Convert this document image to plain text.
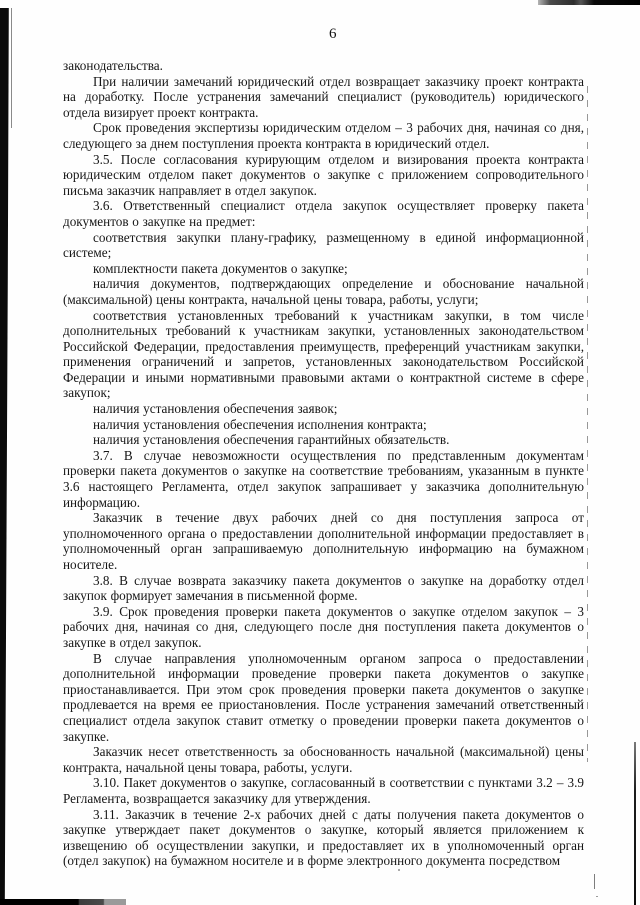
6

законодательства.

При наличии замечаний юридический отдел возвращает заказчику проект контракта на доработку. После устранения замечаний специалист (руководитель) юридического отдела визирует проект контракта.

Срок проведения экспертизы юридическим отделом – 3 рабочих дня, начиная со дня, следующего за днем поступления проекта контракта в юридический отдел.

3.5. После согласования курирующим отделом и визирования проекта контракта юридическим отделом пакет документов о закупке с приложением сопроводительного письма заказчик направляет в отдел закупок.

3.6. Ответственный специалист отдела закупок осуществляет проверку пакета документов о закупке на предмет:

соответствия закупки плану-графику, размещенному в единой информационной системе;

комплектности пакета документов о закупке;

наличия документов, подтверждающих определение и обоснование начальной (максимальной) цены контракта, начальной цены товара, работы, услуги;

соответствия установленных требований к участникам закупки, в том числе дополнительных требований к участникам закупки, установленных законодательством Российской Федерации, предоставления преимуществ, преференций участникам закупки, применения ограничений и запретов, установленных законодательством Российской Федерации и иными нормативными правовыми актами о контрактной системе в сфере закупок;

наличия установления обеспечения заявок;

наличия установления обеспечения исполнения контракта;

наличия установления обеспечения гарантийных обязательств.

3.7. В случае невозможности осуществления по представленным документам проверки пакета документов о закупке на соответствие требованиям, указанным в пункте 3.6 настоящего Регламента, отдел закупок запрашивает у заказчика дополнительную информацию.

Заказчик в течение двух рабочих дней со дня поступления запроса от уполномоченного органа о предоставлении дополнительной информации предоставляет в уполномоченный орган запрашиваемую дополнительную информацию на бумажном носителе.

3.8. В случае возврата заказчику пакета документов о закупке на доработку отдел закупок формирует замечания в письменной форме.

3.9. Срок проведения проверки пакета документов о закупке отделом закупок – 3 рабочих дня, начиная со дня, следующего после дня поступления пакета документов о закупке в отдел закупок.

В случае направления уполномоченным органом запроса о предоставлении дополнительной информации проведение проверки пакета документов о закупке приостанавливается. При этом срок проведения проверки пакета документов о закупке продлевается на время ее приостановления. После устранения замечаний ответственный специалист отдела закупок ставит отметку о проведении проверки пакета документов о закупке.

Заказчик несет ответственность за обоснованность начальной (максимальной) цены контракта, начальной цены товара, работы, услуги.

3.10. Пакет документов о закупке, согласованный в соответствии с пунктами 3.2 – 3.9 Регламента, возвращается заказчику для утверждения.

3.11. Заказчик в течение 2-х рабочих дней с даты получения пакета документов о закупке утверждает пакет документов о закупке, который является приложением к извещению об осуществлении закупки, и предоставляет их в уполномоченный орган (отдел закупок) на бумажном носителе и в форме электронного документа посредством
